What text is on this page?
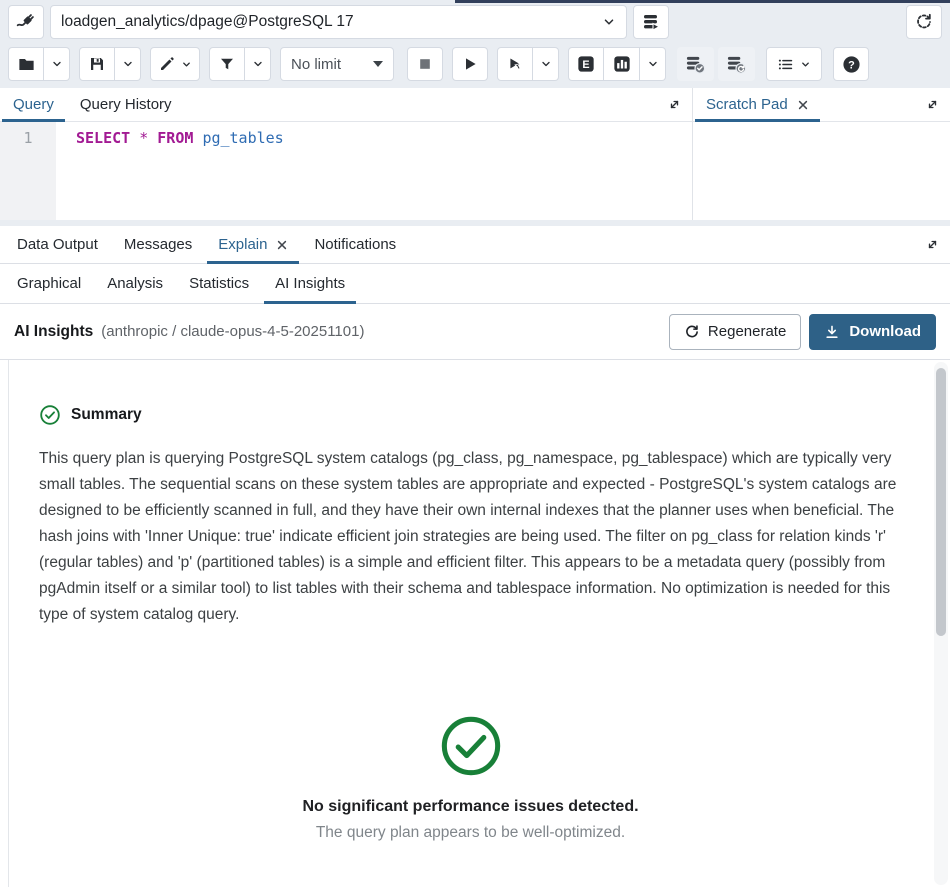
loadgen_analytics/dpage@PostgreSQL 17
No limit	E	?
Query Query History
1	SELECT * FROM pg_tables
Scratch Pad
Data Output Messages Explain	Notifications
Graphical Analysis Statistics AI Insights
AI Insights (anthropic / claude-opus-4-5-20251101)	Regenerate	Download
Summary

This query plan is querying PostgreSQL system catalogs (pg_class, pg_namespace, pg_tablespace) which are typically very small tables. The sequential scans on these system tables are appropriate and expected - PostgreSQL's system catalogs are designed to be efficiently scanned in full, and they have their own internal indexes that the planner uses when beneficial. The hash joins with 'Inner Unique: true' indicate efficient join strategies are being used. The filter on pg_class for relation kinds 'r' (regular tables) and 'p' (partitioned tables) is a simple and efficient filter. This appears to be a metadata query (possibly from pgAdmin itself or a similar tool) to list tables with their schema and tablespace information. No optimization is needed for this type of system catalog query.

No significant performance issues detected.
The query plan appears to be well-optimized.
